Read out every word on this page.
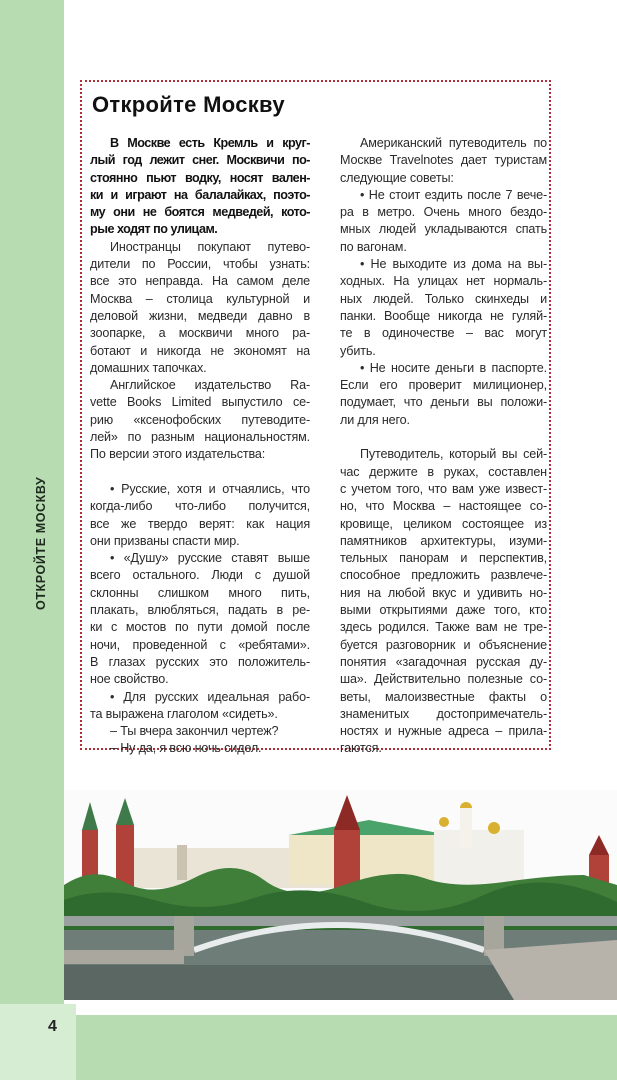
ОТКРОЙТЕ МОСКВУ
Откройте Москву
В Москве есть Кремль и круг-
лый год лежит снег. Москвичи по-
стоянно пьют водку, носят вален-
ки и играют на балалайках, поэто-
му они не боятся медведей, кото-
рые ходят по улицам.
Иностранцы покупают путево-
дители по России, чтобы узнать:
все это неправда. На самом деле
Москва – столица культурной и
деловой жизни, медведи давно в
зоопарке, а москвичи много ра-
ботают и никогда не экономят на
домашних тапочках.
Английское издательство Ra-
vette Books Limited выпустило се-
рию «ксенофобских путеводите-
лей» по разным национальностям.
По версии этого издательства:
• Русские, хотя и отчаялись, что
когда-либо что-либо получится,
все же твердо верят: как нация
они призваны спасти мир.
• «Душу» русские ставят выше
всего остального. Люди с душой
склонны слишком много пить,
плакать, влюбляться, падать в ре-
ки с мостов по пути домой после
ночи, проведенной с «ребятами».
В глазах русских это положитель-
ное свойство.
• Для русских идеальная рабо-
та выражена глаголом «сидеть».
– Ты вчера закончил чертеж?
– Ну да, я всю ночь сидел.
Американский путеводитель по
Москве Travelnotes дает туристам
следующие советы:
• Не стоит ездить после 7 вече-
ра в метро. Очень много бездо-
мных людей укладываются спать
по вагонам.
• Не выходите из дома на вы-
ходных. На улицах нет нормаль-
ных людей. Только скинхеды и
панки. Вообще никогда не гуляй-
те в одиночестве – вас могут
убить.
• Не носите деньги в паспорте.
Если его проверит милиционер,
подумает, что деньги вы положи-
ли для него.
Путеводитель, который вы сей-
час держите в руках, составлен
с учетом того, что вам уже извест-
но, что Москва – настоящее со-
кровище, целиком состоящее из
памятников архитектуры, изуми-
тельных панорам и перспектив,
способное предложить развлече-
ния на любой вкус и удивить но-
выми открытиями даже того, кто
здесь родился. Также вам не тре-
буется разговорник и объяснение
понятия «загадочная русская ду-
ша». Действительно полезные со-
веты, малоизвестные факты о
знаменитых достопримечатель-
ностях и нужные адреса – прила-
гаются.
4
